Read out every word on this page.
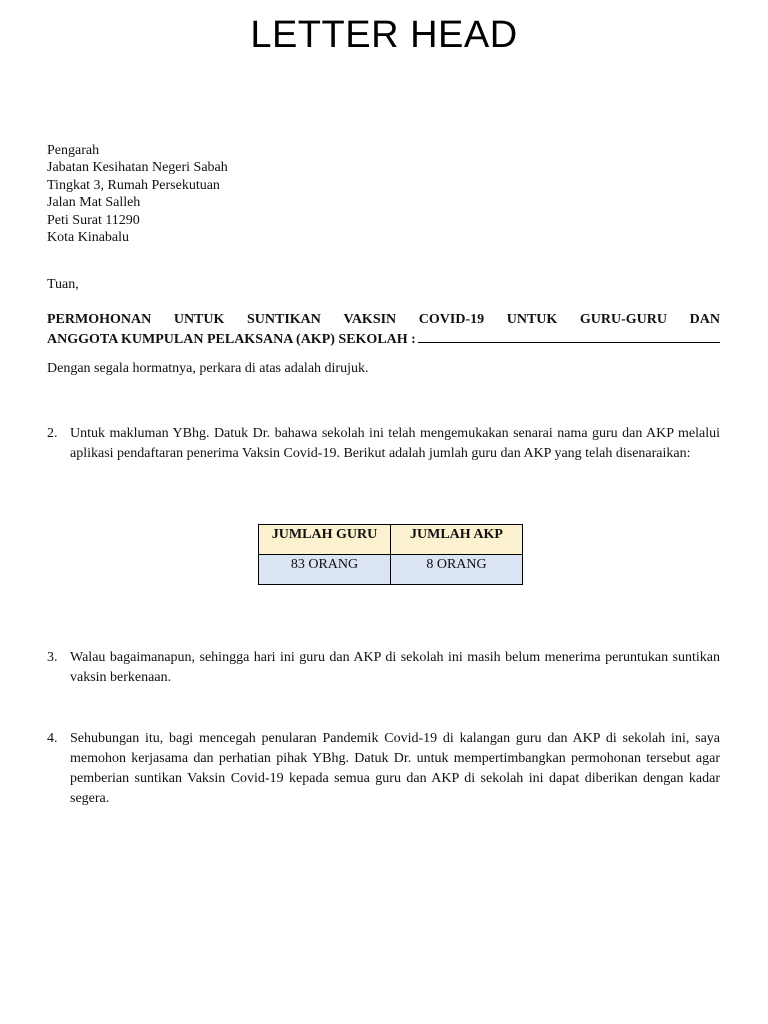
LETTER HEAD
Pengarah
Jabatan Kesihatan Negeri Sabah
Tingkat 3, Rumah Persekutuan
Jalan Mat Salleh
Peti Surat 11290
Kota Kinabalu
Tuan,
PERMOHONAN UNTUK SUNTIKAN VAKSIN COVID-19 UNTUK GURU-GURU DAN
ANGGOTA KUMPULAN PELAKSANA (AKP) SEKOLAH :
Dengan segala hormatnya, perkara di atas adalah dirujuk.
2. Untuk makluman YBhg. Datuk Dr. bahawa sekolah ini telah mengemukakan senarai nama guru dan AKP melalui aplikasi pendaftaran penerima Vaksin Covid-19. Berikut adalah jumlah guru dan AKP yang telah disenaraikan:
JUMLAH GURU	JUMLAH AKP
83 ORANG	8 ORANG
3. Walau bagaimanapun, sehingga hari ini guru dan AKP di sekolah ini masih belum menerima peruntukan suntikan vaksin berkenaan.
4. Sehubungan itu, bagi mencegah penularan Pandemik Covid-19 di kalangan guru dan AKP di sekolah ini, saya memohon kerjasama dan perhatian pihak YBhg. Datuk Dr. untuk mempertimbangkan permohonan tersebut agar pemberian suntikan Vaksin Covid-19 kepada semua guru dan AKP di sekolah ini dapat diberikan dengan kadar segera.
